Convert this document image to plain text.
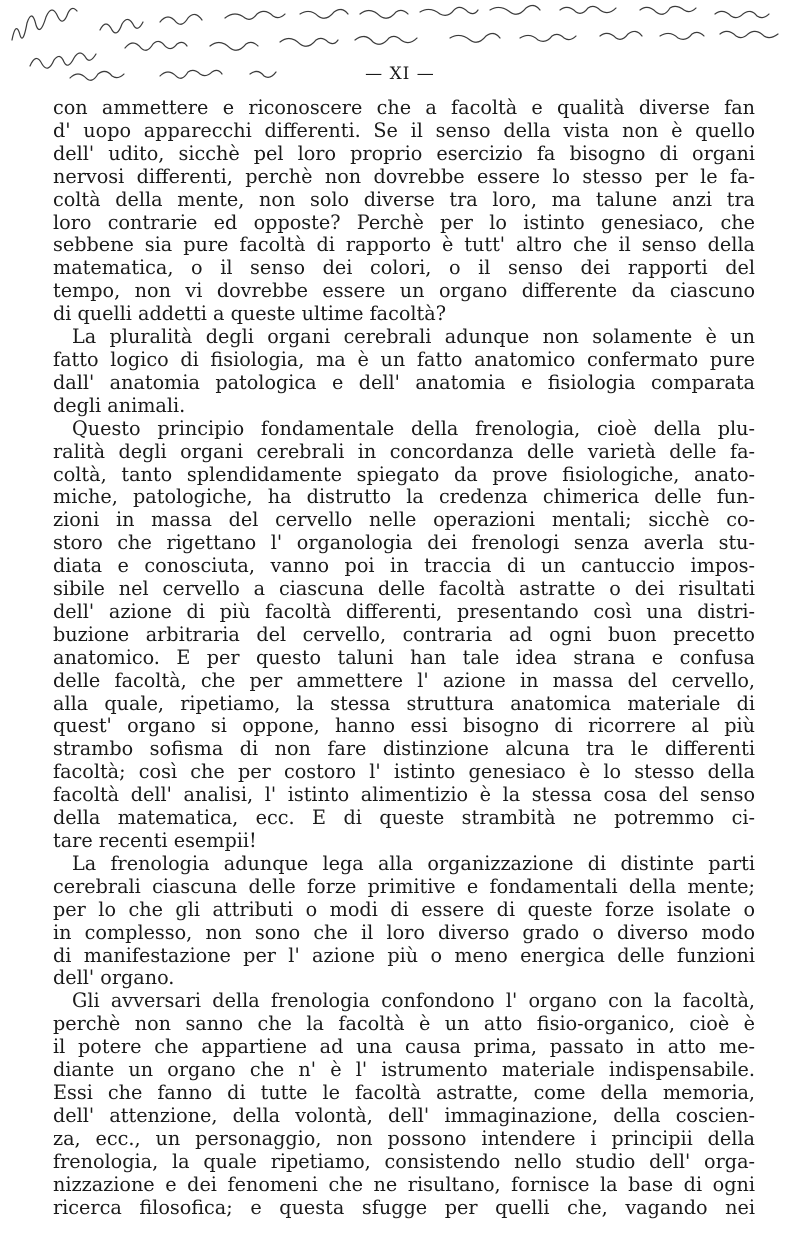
— XI —
con ammettere e riconoscere che a facoltà e qualità diverse fan
d' uopo apparecchi differenti. Se il senso della vista non è quello
dell' udito, sicchè pel loro proprio esercizio fa bisogno di organi
nervosi differenti, perchè non dovrebbe essere lo stesso per le fa-
coltà della mente, non solo diverse tra loro, ma talune anzi tra
loro contrarie ed opposte? Perchè per lo istinto genesiaco, che
sebbene sia pure facoltà di rapporto è tutt' altro che il senso della
matematica, o il senso dei colori, o il senso dei rapporti del
tempo, non vi dovrebbe essere un organo differente da ciascuno
di quelli addetti a queste ultime facoltà?
La pluralità degli organi cerebrali adunque non solamente è un
fatto logico di fisiologia, ma è un fatto anatomico confermato pure
dall' anatomia patologica e dell' anatomia e fisiologia comparata
degli animali.
Questo principio fondamentale della frenologia, cioè della plu-
ralità degli organi cerebrali in concordanza delle varietà delle fa-
coltà, tanto splendidamente spiegato da prove fisiologiche, anato-
miche, patologiche, ha distrutto la credenza chimerica delle fun-
zioni in massa del cervello nelle operazioni mentali; sicchè co-
storo che rigettano l' organologia dei frenologi senza averla stu-
diata e conosciuta, vanno poi in traccia di un cantuccio impos-
sibile nel cervello a ciascuna delle facoltà astratte o dei risultati
dell' azione di più facoltà differenti, presentando così una distri-
buzione arbitraria del cervello, contraria ad ogni buon precetto
anatomico. E per questo taluni han tale idea strana e confusa
delle facoltà, che per ammettere l' azione in massa del cervello,
alla quale, ripetiamo, la stessa struttura anatomica materiale di
quest' organo si oppone, hanno essi bisogno di ricorrere al più
strambo sofisma di non fare distinzione alcuna tra le differenti
facoltà; così che per costoro l' istinto genesiaco è lo stesso della
facoltà dell' analisi, l' istinto alimentizio è la stessa cosa del senso
della matematica, ecc. E di queste strambità ne potremmo ci-
tare recenti esempii!
La frenologia adunque lega alla organizzazione di distinte parti
cerebrali ciascuna delle forze primitive e fondamentali della mente;
per lo che gli attributi o modi di essere di queste forze isolate o
in complesso, non sono che il loro diverso grado o diverso modo
di manifestazione per l' azione più o meno energica delle funzioni
dell' organo.
Gli avversari della frenologia confondono l' organo con la facoltà,
perchè non sanno che la facoltà è un atto fisio-organico, cioè è
il potere che appartiene ad una causa prima, passato in atto me-
diante un organo che n' è l' istrumento materiale indispensabile.
Essi che fanno di tutte le facoltà astratte, come della memoria,
dell' attenzione, della volontà, dell' immaginazione, della coscien-
za, ecc., un personaggio, non possono intendere i principii della
frenologia, la quale ripetiamo, consistendo nello studio dell' orga-
nizzazione e dei fenomeni che ne risultano, fornisce la base di ogni
ricerca filosofica; e questa sfugge per quelli che, vagando nei
